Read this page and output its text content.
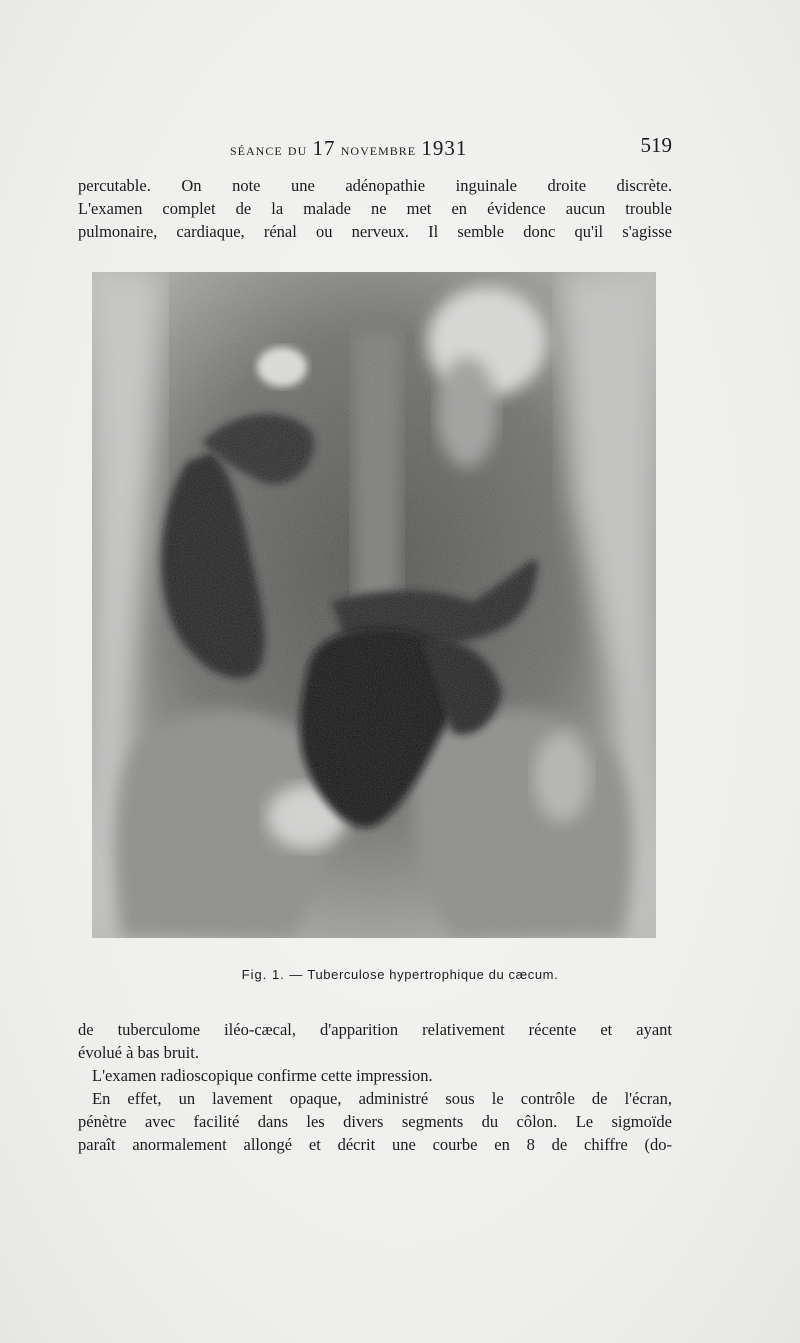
séance du 17 novembre 1931	519
percutable. On note une adénopathie inguinale droite discrète.
L'examen complet de la malade ne met en évidence aucun trouble
pulmonaire, cardiaque, rénal ou nerveux. Il semble donc qu'il s'agisse
Fig. 1. — Tuberculose hypertrophique du cæcum.
de tuberculome iléo-cæcal, d'apparition relativement récente et ayant
évolué à bas bruit.
L'examen radioscopique confirme cette impression.
En effet, un lavement opaque, administré sous le contrôle de l'écran,
pénètre avec facilité dans les divers segments du côlon. Le sigmoïde
paraît anormalement allongé et décrit une courbe en 8 de chiffre (do-
